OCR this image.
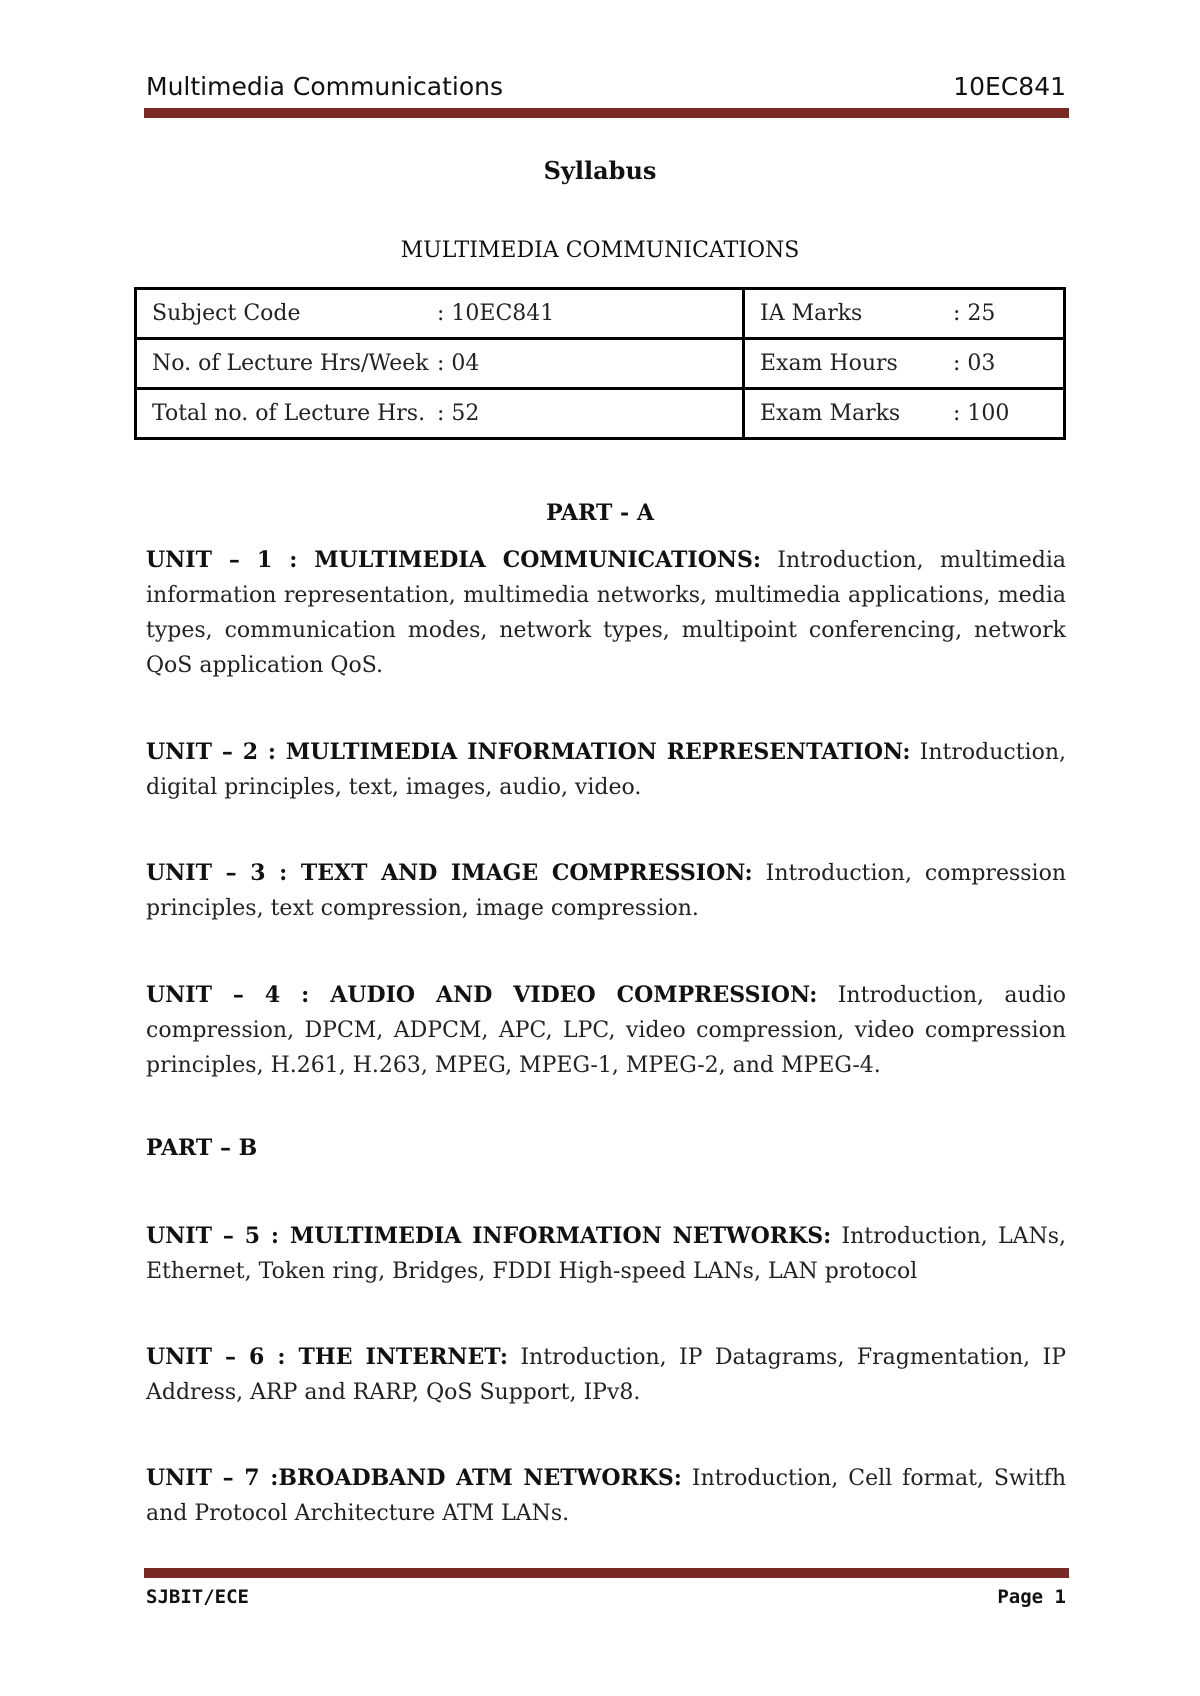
Multimedia Communications	10EC841
Syllabus
MULTIMEDIA COMMUNICATIONS
Subject Code : 10EC841	IA Marks : 25
No. of Lecture Hrs/Week : 04	Exam Hours : 03
Total no. of Lecture Hrs. : 52	Exam Marks : 100
PART - A
UNIT – 1 : MULTIMEDIA COMMUNICATIONS: Introduction, multimedia information representation, multimedia networks, multimedia applications, media types, communication modes, network types, multipoint conferencing, network QoS application QoS.
UNIT – 2 : MULTIMEDIA INFORMATION REPRESENTATION: Introduction, digital principles, text, images, audio, video.
UNIT – 3 : TEXT AND IMAGE COMPRESSION: Introduction, compression principles, text compression, image compression.
UNIT – 4 : AUDIO AND VIDEO COMPRESSION: Introduction, audio compression, DPCM, ADPCM, APC, LPC, video compression, video compression principles, H.261, H.263, MPEG, MPEG-1, MPEG-2, and MPEG-4.
PART – B
UNIT – 5 : MULTIMEDIA INFORMATION NETWORKS: Introduction, LANs, Ethernet, Token ring, Bridges, FDDI High-speed LANs, LAN protocol
UNIT – 6 : THE INTERNET: Introduction, IP Datagrams, Fragmentation, IP Address, ARP and RARP, QoS Support, IPv8.
UNIT – 7 :BROADBAND ATM NETWORKS: Introduction, Cell format, Switfh and Protocol Architecture ATM LANs.
SJBIT/ECE	Page 1
